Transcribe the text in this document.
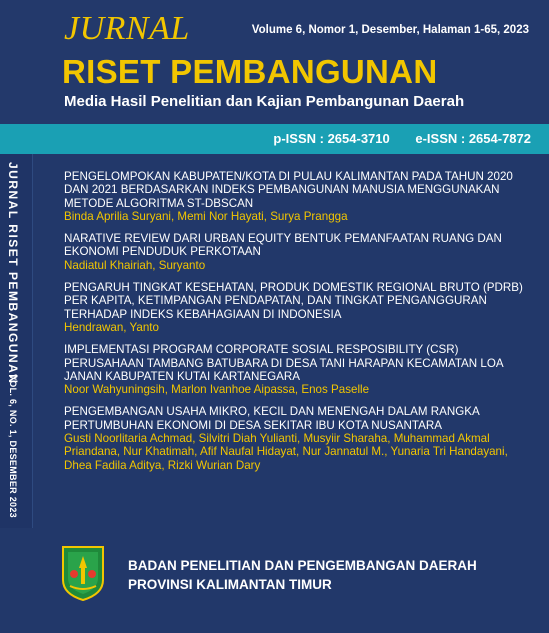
JURNAL	Volume 6, Nomor 1, Desember, Halaman 1-65, 2023
RISET PEMBANGUNAN
Media Hasil Penelitian dan Kajian Pembangunan Daerah
p-ISSN : 2654-3710 e-ISSN : 2654-7872
JURNAL RISET PEMBANGUNAN
VOL. 6, NO. 1, DESEMBER 2023
PENGELOMPOKAN KABUPATEN/KOTA DI PULAU KALIMANTAN PADA TAHUN 2020 DAN 2021 BERDASARKAN INDEKS PEMBANGUNAN MANUSIA MENGGUNAKAN METODE ALGORITMA ST-DBSCAN
Binda Aprilia Suryani, Memi Nor Hayati, Surya Prangga
NARATIVE REVIEW DARI URBAN EQUITY BENTUK PEMANFAATAN RUANG DAN EKONOMI PENDUDUK PERKOTAAN
Nadiatul Khairiah, Suryanto
PENGARUH TINGKAT KESEHATAN, PRODUK DOMESTIK REGIONAL BRUTO (PDRB) PER KAPITA, KETIMPANGAN PENDAPATAN, DAN TINGKAT PENGANGGURAN TERHADAP INDEKS KEBAHAGIAAN DI INDONESIA
Hendrawan, Yanto
IMPLEMENTASI PROGRAM CORPORATE SOSIAL RESPOSIBILITY (CSR) PERUSAHAAN TAMBANG BATUBARA DI DESA TANI HARAPAN KECAMATAN LOA JANAN KABUPATEN KUTAI KARTANEGARA
Noor Wahyuningsih, Marlon Ivanhoe Aipassa, Enos Paselle
PENGEMBANGAN USAHA MIKRO, KECIL DAN MENENGAH DALAM RANGKA PERTUMBUHAN EKONOMI DI DESA SEKITAR IBU KOTA NUSANTARA
Gusti Noorlitaria Achmad, Silvitri Diah Yulianti, Musyiir Sharaha, Muhammad Akmal Priandana, Nur Khatimah, Afif Naufal Hidayat, Nur Jannatul M., Yunaria Tri Handayani, Dhea Fadila Aditya, Rizki Wurian Dary
BADAN PENELITIAN DAN PENGEMBANGAN DAERAH
PROVINSI KALIMANTAN TIMUR
